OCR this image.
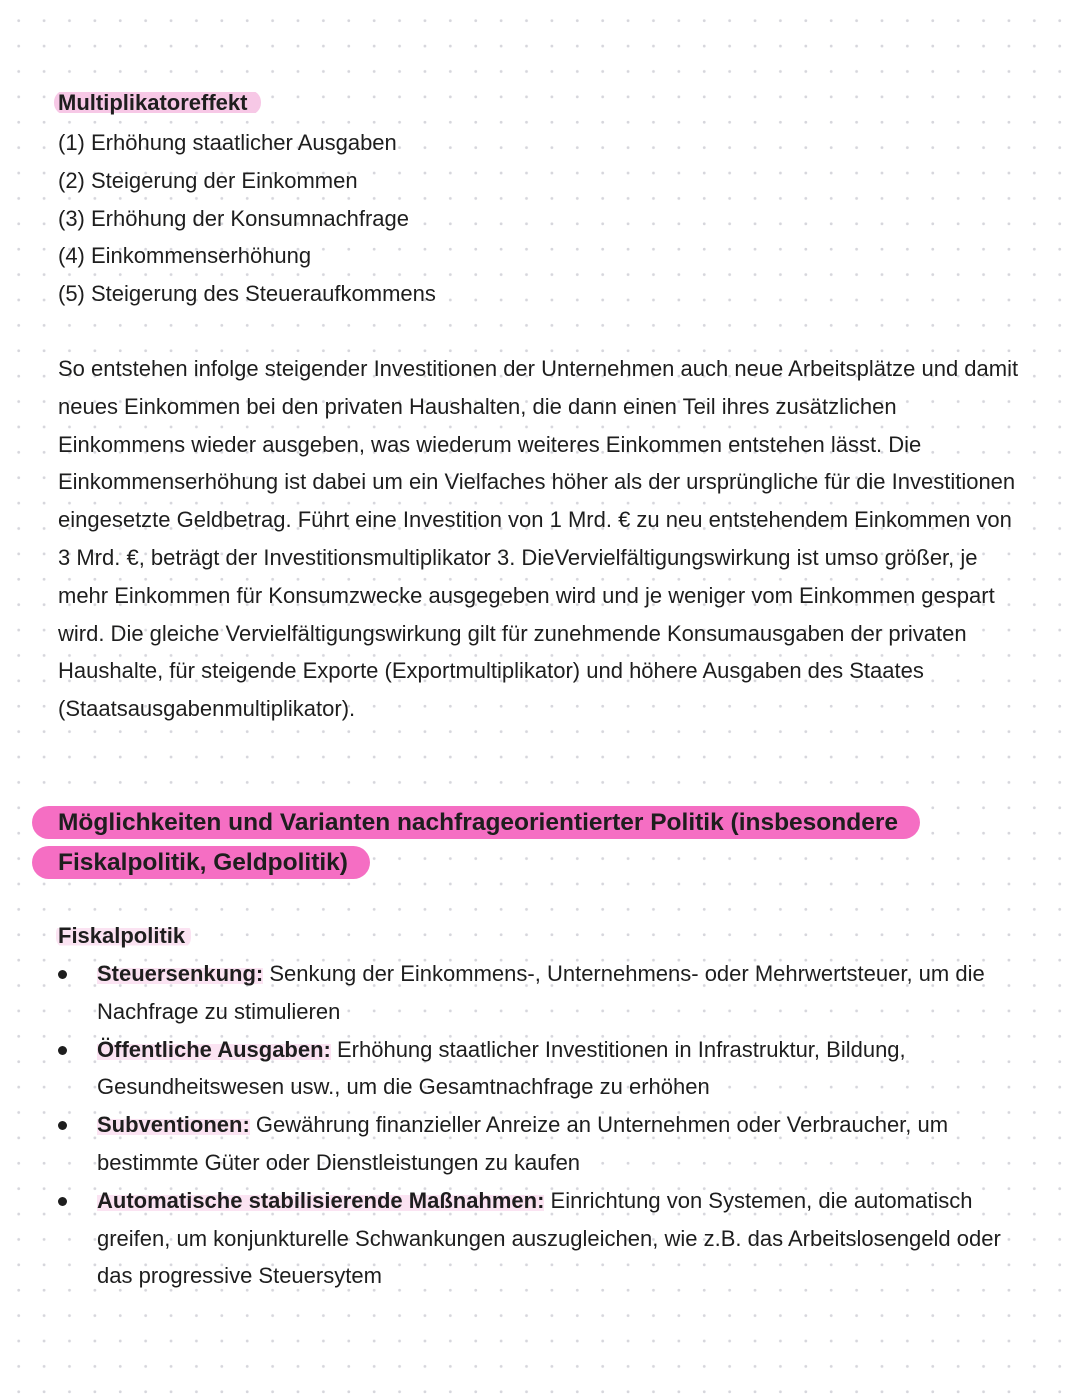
Multiplikatoreffekt
(1) Erhöhung staatlicher Ausgaben
(2) Steigerung der Einkommen
(3) Erhöhung der Konsumnachfrage
(4) Einkommenserhöhung
(5) Steigerung des Steueraufkommens

So entstehen infolge steigender Investitionen der Unternehmen auch neue Arbeitsplätze und damit neues Einkommen bei den privaten Haushalten, die dann einen Teil ihres zusätzlichen Einkommens wieder ausgeben, was wiederum weiteres Einkommen entstehen lässt. Die Einkommenserhöhung ist dabei um ein Vielfaches höher als der ursprüngliche für die Investitionen eingesetzte Geldbetrag. Führt eine Investition von 1 Mrd. € zu neu entstehendem Einkommen von 3 Mrd. €, beträgt der Investitionsmultiplikator 3. DieVervielfältigungswirkung ist umso größer, je mehr Einkommen für Konsumzwecke ausgegeben wird und je weniger vom Einkommen gespart wird. Die gleiche Vervielfältigungswirkung gilt für zunehmende Konsumausgaben der privaten Haushalte, für steigende Exporte (Exportmultiplikator) und höhere Ausgaben des Staates (Staatsausgabenmultiplikator).

Möglichkeiten und Varianten nachfrageorientierter Politik (insbesondere
Fiskalpolitik, Geldpolitik)
Fiskalpolitik
Steuersenkung: Senkung der Einkommens-, Unternehmens- oder Mehrwertsteuer, um die Nachfrage zu stimulieren
Öffentliche Ausgaben: Erhöhung staatlicher Investitionen in Infrastruktur, Bildung, Gesundheitswesen usw., um die Gesamtnachfrage zu erhöhen
Subventionen: Gewährung finanzieller Anreize an Unternehmen oder Verbraucher, um bestimmte Güter oder Dienstleistungen zu kaufen
Automatische stabilisierende Maßnahmen: Einrichtung von Systemen, die automatisch greifen, um konjunkturelle Schwankungen auszugleichen, wie z.B. das Arbeitslosengeld oder das progressive Steuersytem
